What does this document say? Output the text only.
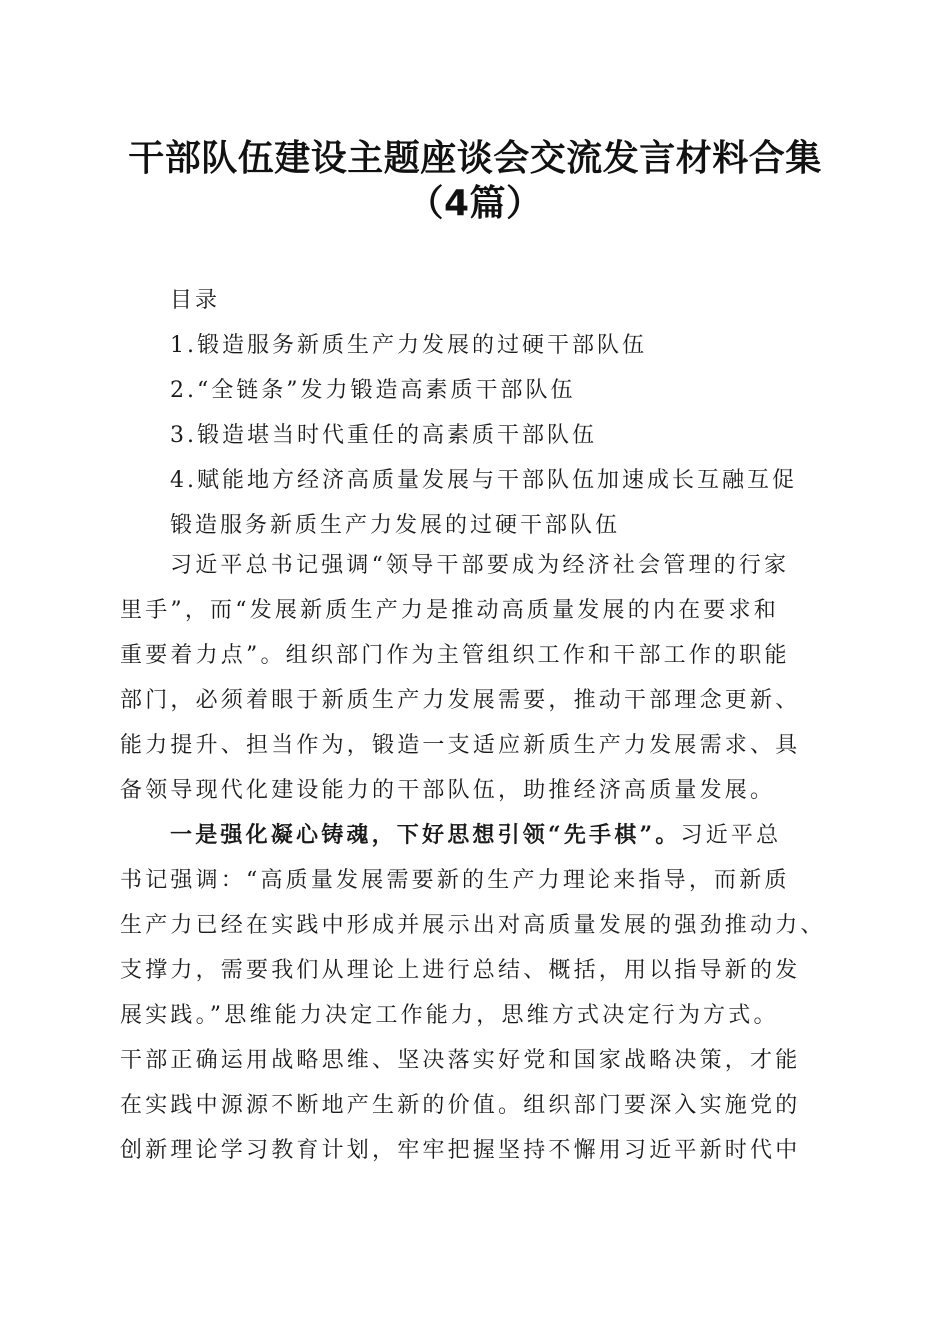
干部队伍建设主题座谈会交流发言材料合集
（4篇）
目录
1.锻造服务新质生产力发展的过硬干部队伍
2.“全链条”发力锻造高素质干部队伍
3.锻造堪当时代重任的高素质干部队伍
4.赋能地方经济高质量发展与干部队伍加速成长互融互促
锻造服务新质生产力发展的过硬干部队伍
习近平总书记强调“领导干部要成为经济社会管理的行家
里手”，而“发展新质生产力是推动高质量发展的内在要求和
重要着力点”。组织部门作为主管组织工作和干部工作的职能
部门，必须着眼于新质生产力发展需要，推动干部理念更新、
能力提升、担当作为，锻造一支适应新质生产力发展需求、具
备领导现代化建设能力的干部队伍，助推经济高质量发展。
一是强化凝心铸魂，下好思想引领“先手棋”。习近平总
书记强调：“高质量发展需要新的生产力理论来指导，而新质
生产力已经在实践中形成并展示出对高质量发展的强劲推动力、
支撑力，需要我们从理论上进行总结、概括，用以指导新的发
展实践。”思维能力决定工作能力，思维方式决定行为方式。
干部正确运用战略思维、坚决落实好党和国家战略决策，才能
在实践中源源不断地产生新的价值。组织部门要深入实施党的
创新理论学习教育计划，牢牢把握坚持不懈用习近平新时代中
